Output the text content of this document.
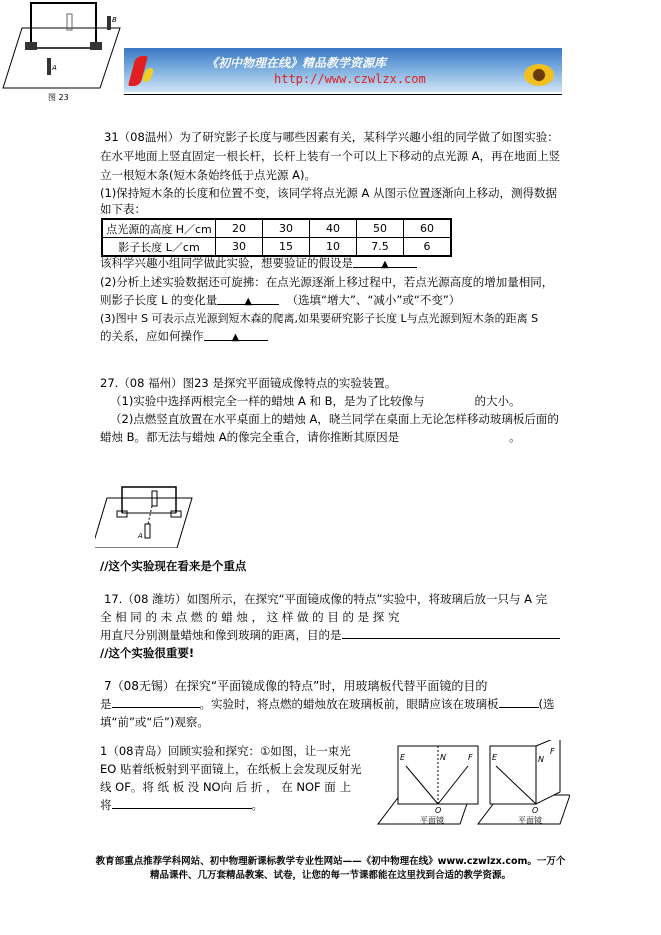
A
B
图 23
《初中物理在线》精品教学资源库
http://www.czwlzx.com
31（08温州）为了研究影子长度与哪些因素有关，某科学兴趣小组的同学做了如图实验：
在水平地面上竖直固定一根长杆，长杆上装有一个可以上下移动的点光源 A，再在地面上竖
立一根短木条(短木条始终低于点光源 A)。
(1)保持短木条的长度和位置不变，该同学将点光源 A 从图示位置逐渐向上移动，测得数据
如下表：
点光源的高度 H／cm	20	30	40	50	60
影子长度 L／cm	30	15	10	7.5	6
该科学兴趣小组同学做此实验，想要验证的假设是	▲
(2)分析上述实验数据还可旋拂：在点光源逐渐上移过程中，若点光源高度的增加量相同，
则影子长度 L 的变化量	▲	（选填“增大”、“减小”或“不变”）
(3)图中 S 可表示点光源到短木森的爬离,如果要研究影子长度 L与点光源到短木条的距离 S
的关系，应如何操作	▲
27.（08 福州）图23 是探究平面镜成像特点的实验装置。
（1)实验中选择两根完全一样的蜡烛 A 和 B，是为了比较像与	的大小。
（2)点燃竖直放置在水平桌面上的蜡烛 A，晓兰同学在桌面上无论怎样移动玻璃板后面的
蜡烛 B。都无法与蜡烛 A的像完全重合，请你推断其原因是	。
A
//这个实验现在看来是个重点
17.（08 潍坊）如图所示，在探究“平面镜成像的特点”实验中，将玻璃后放一只与 A 完
全 相 同 的 未 点 燃 的 蜡 烛 ， 这 样 做 的 目 的 是 探 究
用直尺分别测量蜡烛和像到玻璃的距离，目的是
//这个实验很重要!
7（08无锡）在探究“平面镜成像的特点”时，用玻璃板代替平面镜的目的
是	。实验时，将点燃的蜡烛放在玻璃板前，眼睛应该在玻璃板	(选
填“前”或“后”)观察。
1（08青岛）回顾实验和探究：①如图，让一束光
EO 贴着纸板射到平面镜上，在纸板上会发现反射光
线 OF。将 纸 板 没 NO向 后 折 ， 在 NOF 面 上
将	。
E	N	F
O
平面镜
E	N
F
O
平面镜
教育部重点推荐学科网站、初中物理新课标教学专业性网站——《初中物理在线》www.czwlzx.com。一万个
精品课件、几万套精品教案、试卷，让您的每一节课都能在这里找到合适的教学资源。
